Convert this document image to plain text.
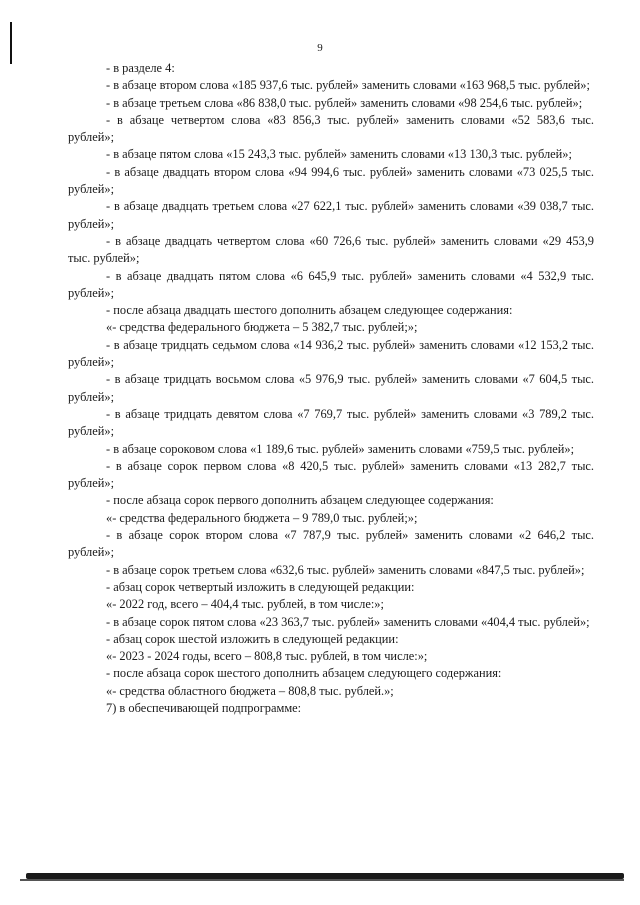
9

- в разделе 4:

- в абзаце втором слова «185 937,6 тыс. рублей» заменить словами «163 968,5 тыс. рублей»;

- в абзаце третьем слова «86 838,0 тыс. рублей» заменить словами «98 254,6 тыс. рублей»;

- в абзаце четвертом слова «83 856,3 тыс. рублей» заменить словами «52 583,6 тыс. рублей»;

- в абзаце пятом слова «15 243,3 тыс. рублей» заменить словами «13 130,3 тыс. рублей»;

- в абзаце двадцать втором слова «94 994,6 тыс. рублей» заменить словами «73 025,5 тыс. рублей»;

- в абзаце двадцать третьем слова «27 622,1 тыс. рублей» заменить словами «39 038,7 тыс. рублей»;

- в абзаце двадцать четвертом слова «60 726,6 тыс. рублей» заменить словами «29 453,9 тыс. рублей»;

- в абзаце двадцать пятом слова «6 645,9 тыс. рублей» заменить словами «4 532,9 тыс. рублей»;

- после абзаца двадцать шестого дополнить абзацем следующее содержания:

«- средства федерального бюджета – 5 382,7 тыс. рублей;»;

- в абзаце тридцать седьмом слова «14 936,2 тыс. рублей» заменить словами «12 153,2 тыс. рублей»;

- в абзаце тридцать восьмом слова «5 976,9 тыс. рублей» заменить словами «7 604,5 тыс. рублей»;

- в абзаце тридцать девятом слова «7 769,7 тыс. рублей» заменить словами «3 789,2 тыс. рублей»;

- в абзаце сороковом слова «1 189,6 тыс. рублей» заменить словами «759,5 тыс. рублей»;

- в абзаце сорок первом слова «8 420,5 тыс. рублей» заменить словами «13 282,7 тыс. рублей»;

- после абзаца сорок первого дополнить абзацем следующее содержания:

«- средства федерального бюджета – 9 789,0 тыс. рублей;»;

- в абзаце сорок втором слова «7 787,9 тыс. рублей» заменить словами «2 646,2 тыс. рублей»;

- в абзаце сорок третьем слова «632,6 тыс. рублей» заменить словами «847,5 тыс. рублей»;

- абзац сорок четвертый изложить в следующей редакции:

«- 2022 год, всего – 404,4 тыс. рублей, в том числе:»;

- в абзаце сорок пятом слова «23 363,7 тыс. рублей» заменить словами «404,4 тыс. рублей»;

- абзац сорок шестой изложить в следующей редакции:

«- 2023 - 2024 годы, всего – 808,8 тыс. рублей, в том числе:»;

- после абзаца сорок шестого дополнить абзацем следующего содержания:

«- средства областного бюджета – 808,8 тыс. рублей.»;

7) в обеспечивающей подпрограмме:
